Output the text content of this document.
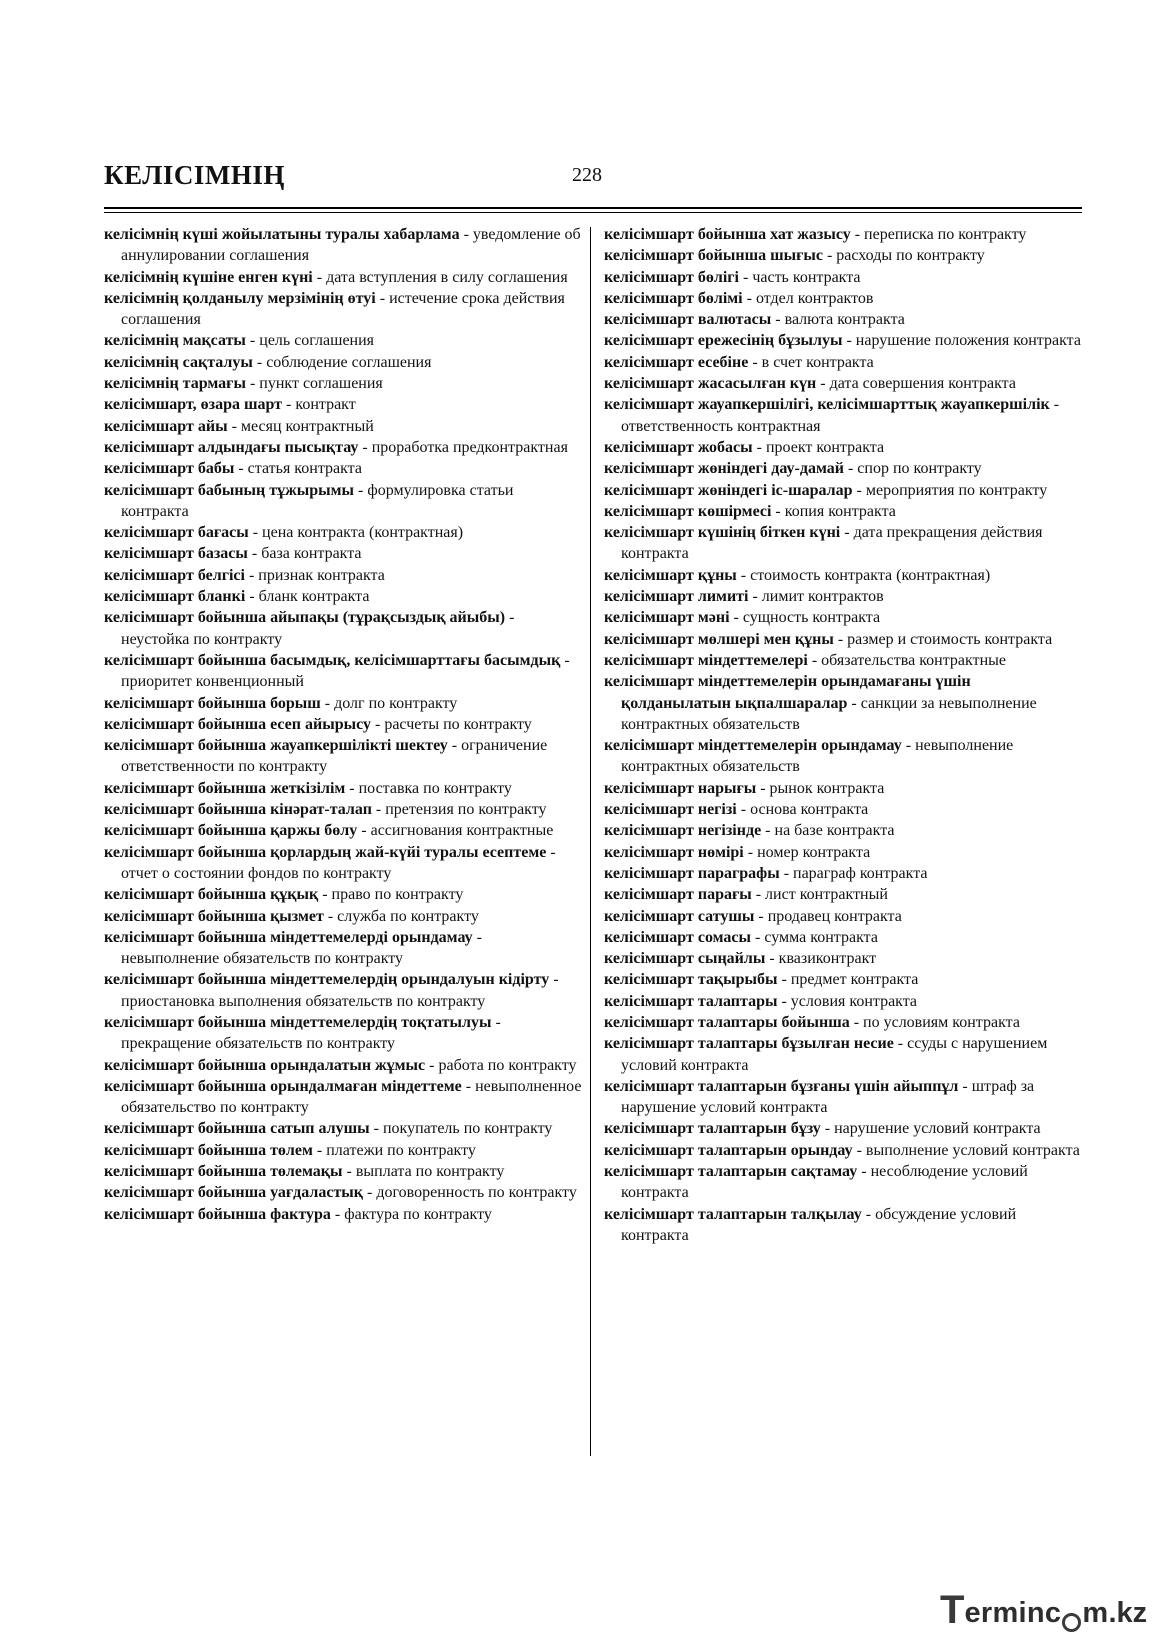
КЕЛІСІМНІҢ	228

келісімнің күші жойылатыны туралы хабарлама - уведомление об аннулировании соглашения

келісімнің күшіне енген күні - дата вступления в силу соглашения

келісімнің қолданылу мерзімінің өтуі - истечение срока действия соглашения

келісімнің мақсаты - цель соглашения

келісімнің сақталуы - соблюдение соглашения

келісімнің тармағы - пункт соглашения

келісімшарт, өзара шарт - контракт

келісімшарт айы - месяц контрактный

келісімшарт алдындағы пысықтау - проработка предконтрактная

келісімшарт бабы - статья контракта

келісімшарт бабының тұжырымы - формулировка статьи контракта

келісімшарт бағасы - цена контракта (контрактная)

келісімшарт базасы - база контракта

келісімшарт белгісі - признак контракта

келісімшарт бланкі - бланк контракта

келісімшарт бойынша айыпақы (тұрақсыздық айыбы) - неустойка по контракту

келісімшарт бойынша басымдық, келісімшарттағы басымдық - приоритет конвенционный

келісімшарт бойынша борыш - долг по контракту

келісімшарт бойынша есеп айырысу - расчеты по контракту

келісімшарт бойынша жауапкершілікті шектеу - ограничение ответственности по контракту

келісімшарт бойынша жеткізілім - поставка по контракту

келісімшарт бойынша кінәрат-талап - претензия по контракту

келісімшарт бойынша қаржы бөлу - ассигнования контрактные

келісімшарт бойынша қорлардың жай-күйі туралы есептеме - отчет о состоянии фондов по контракту

келісімшарт бойынша құқық - право по контракту

келісімшарт бойынша қызмет - служба по контракту

келісімшарт бойынша міндеттемелерді орындамау - невыполнение обязательств по контракту

келісімшарт бойынша міндеттемелердің орындалуын кідірту - приостановка выполнения обязательств по контракту

келісімшарт бойынша міндеттемелердің тоқтатылуы - прекращение обязательств по контракту

келісімшарт бойынша орындалатын жұмыс - работа по контракту

келісімшарт бойынша орындалмаған міндеттеме - невыполненное обязательство по контракту

келісімшарт бойынша сатып алушы - покупатель по контракту

келісімшарт бойынша төлем - платежи по контракту

келісімшарт бойынша төлемақы - выплата по контракту

келісімшарт бойынша уағдаластық - договоренность по контракту

келісімшарт бойынша фактура - фактура по контракту

келісімшарт бойынша хат жазысу - переписка по контракту

келісімшарт бойынша шығыс - расходы по контракту

келісімшарт бөлігі - часть контракта

келісімшарт бөлімі - отдел контрактов

келісімшарт валютасы - валюта контракта

келісімшарт ережесінің бұзылуы - нарушение положения контракта

келісімшарт есебіне - в счет контракта

келісімшарт жасасылған күн - дата совершения контракта

келісімшарт жауапкершілігі, келісімшарттық жауапкершілік - ответственность контрактная

келісімшарт жобасы - проект контракта

келісімшарт жөніндегі дау-дамай - спор по контракту

келісімшарт жөніндегі іс-шаралар - мероприятия по контракту

келісімшарт көшірмесі - копия контракта

келісімшарт күшінің біткен күні - дата прекращения действия контракта

келісімшарт құны - стоимость контракта (контрактная)

келісімшарт лимиті - лимит контрактов

келісімшарт мәні - сущность контракта

келісімшарт мөлшері мен құны - размер и стоимость контракта

келісімшарт міндеттемелері - обязательства контрактные

келісімшарт міндеттемелерін орындамағаны үшін қолданылатын ықпалшаралар - санкции за невыполнение контрактных обязательств

келісімшарт міндеттемелерін орындамау - невыполнение контрактных обязательств

келісімшарт нарығы - рынок контракта

келісімшарт негізі - основа контракта

келісімшарт негізінде - на базе контракта

келісімшарт нөмірі - номер контракта

келісімшарт параграфы - параграф контракта

келісімшарт парағы - лист контрактный

келісімшарт сатушы - продавец контракта

келісімшарт сомасы - сумма контракта

келісімшарт сыңайлы - квазиконтракт

келісімшарт тақырыбы - предмет контракта

келісімшарт талаптары - условия контракта

келісімшарт талаптары бойынша - по условиям контракта

келісімшарт талаптары бұзылған несие - ссуды с нарушением условий контракта

келісімшарт талаптарын бұзғаны үшін айыппұл - штраф за нарушение условий контракта

келісімшарт талаптарын бұзу - нарушение условий контракта

келісімшарт талаптарын орындау - выполнение условий контракта

келісімшарт талаптарын сақтамау - несоблюдение условий контракта

келісімшарт талаптарын талқылау - обсуждение условий контракта

T ermin c m .kz
